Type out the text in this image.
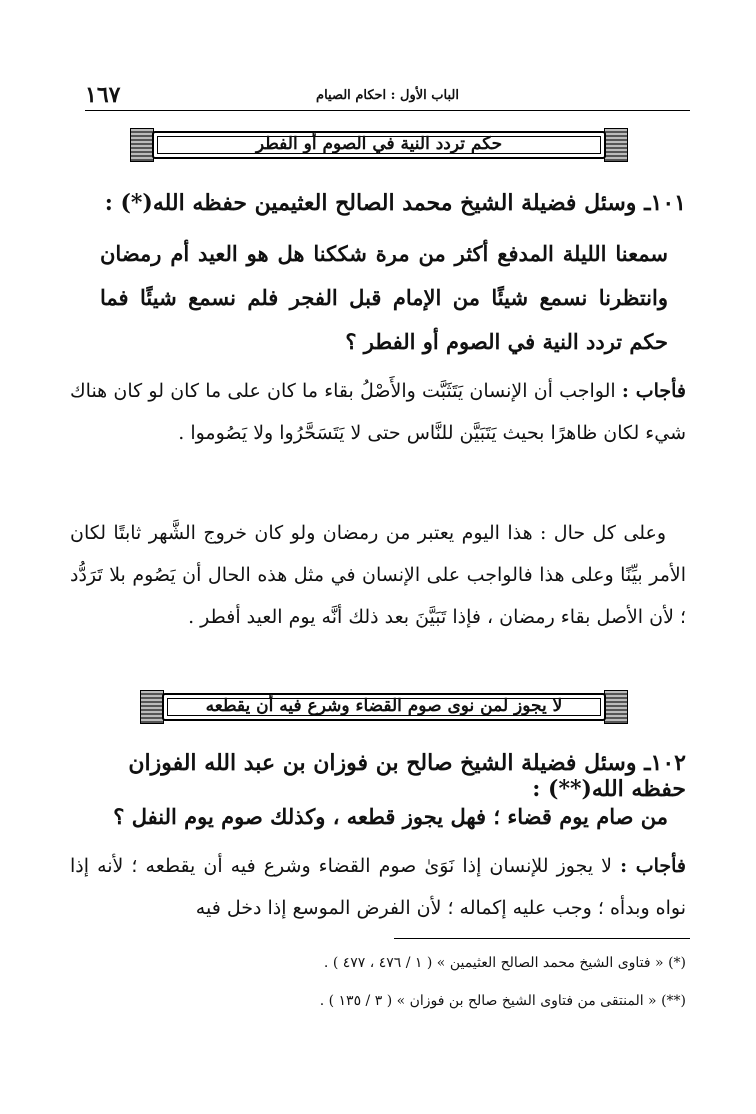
١٦٧	الباب الأول : احكام الصيام
حكم تردد النية في الصوم أو الفطر
١٠١ـ وسئل فضيلة الشيخ محمد الصالح العثيمين حفظه الله(*) :
سمعنا الليلة المدفع أكثر من مرة شككنا هل هو العيد أم رمضان وانتظرنا نسمع شيئًا من الإمام قبل الفجر فلم نسمع شيئًا فما حكم تردد النية في الصوم أو الفطر ؟
فأجاب : الواجب أن الإنسان يَتَثَبَّت والأَصْلُ بقاء ما كان على ما كان لو كان هناك شيء لكان ظاهرًا بحيث يَتَبَيَّن للنَّاس حتى لا يَتَسَحَّرُوا ولا يَصُوموا .
وعلى كل حال : هذا اليوم يعتبر من رمضان ولو كان خروج الشَّهر ثابتًا لكان الأمر بيِّنًا وعلى هذا فالواجب على الإنسان في مثل هذه الحال أن يَصُوم بلا تَرَدُّد ؛ لأن الأصل بقاء رمضان ، فإذا تَبَيَّنَ بعد ذلك أنَّه يوم العيد أفطر .
لا يجوز لمن نوى صوم القضاء وشرع فيه أن يقطعه
١٠٢ـ وسئل فضيلة الشيخ صالح بن فوزان بن عبد الله الفوزان حفظه الله(**) :
من صام يوم قضاء ؛ فهل يجوز قطعه ، وكذلك صوم يوم النفل ؟
فأجاب : لا يجوز للإنسان إذا نَوَىٰ صوم القضاء وشرع فيه أن يقطعه ؛ لأنه إذا نواه وبدأه ؛ وجب عليه إكماله ؛ لأن الفرض الموسع إذا دخل فيه
(*) « فتاوى الشيخ محمد الصالح العثيمين » ( ١ / ٤٧٦ ، ٤٧٧ ) .
(**) « المنتقى من فتاوى الشيخ صالح بن فوزان » ( ٣ / ١٣٥ ) .
